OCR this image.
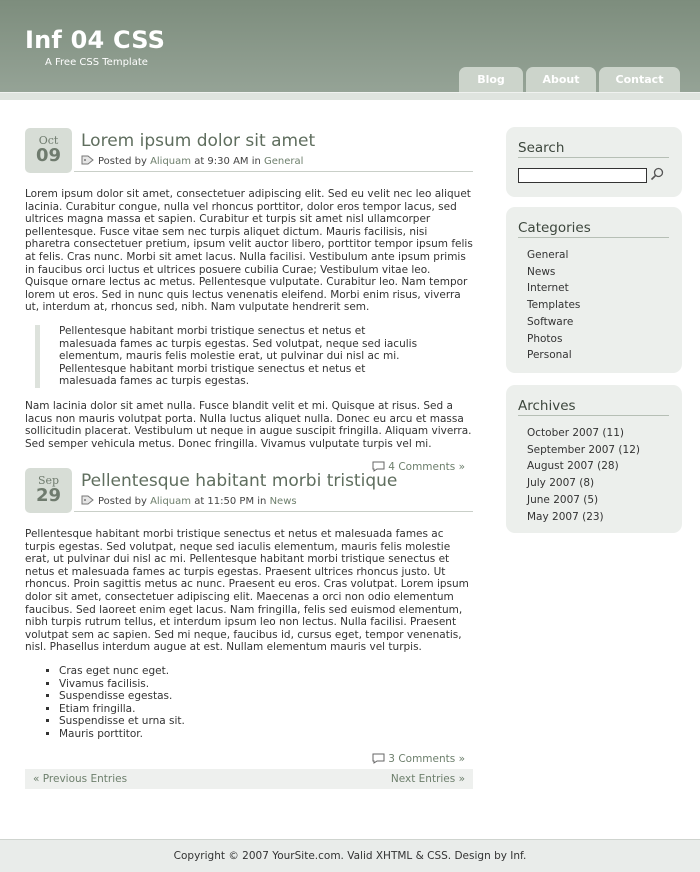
Inf 04 CSS
A Free CSS Template
Blog	About	Contact
Oct
09
Lorem ipsum dolor sit amet
Posted by Aliquam at 9:30 AM in General

Lorem ipsum dolor sit amet, consectetuer adipiscing elit. Sed eu velit nec leo aliquet lacinia. Curabitur congue, nulla vel rhoncus porttitor, dolor eros tempor lacus, sed ultrices magna massa et sapien. Curabitur et turpis sit amet nisl ullamcorper pellentesque. Fusce vitae sem nec turpis aliquet dictum. Mauris facilisis, nisi pharetra consectetuer pretium, ipsum velit auctor libero, porttitor tempor ipsum felis at felis. Cras nunc. Morbi sit amet lacus. Nulla facilisi. Vestibulum ante ipsum primis in faucibus orci luctus et ultrices posuere cubilia Curae; Vestibulum vitae leo. Quisque ornare lectus ac metus. Pellentesque vulputate. Curabitur leo. Nam tempor lorem ut eros. Sed in nunc quis lectus venenatis eleifend. Morbi enim risus, viverra ut, interdum at, rhoncus sed, nibh. Nam vulputate hendrerit sem.

Pellentesque habitant morbi tristique senectus et netus et malesuada fames ac turpis egestas. Sed volutpat, neque sed iaculis elementum, mauris felis molestie erat, ut pulvinar dui nisl ac mi. Pellentesque habitant morbi tristique senectus et netus et malesuada fames ac turpis egestas.

Nam lacinia dolor sit amet nulla. Fusce blandit velit et mi. Quisque at risus. Sed a lacus non mauris volutpat porta. Nulla luctus aliquet nulla. Donec eu arcu et massa sollicitudin placerat. Vestibulum ut neque in augue suscipit fringilla. Aliquam viverra. Sed semper vehicula metus. Donec fringilla. Vivamus vulputate turpis vel mi.

4 Comments »
Sep
29
Pellentesque habitant morbi tristique
Posted by Aliquam at 11:50 PM in News

Pellentesque habitant morbi tristique senectus et netus et malesuada fames ac turpis egestas. Sed volutpat, neque sed iaculis elementum, mauris felis molestie erat, ut pulvinar dui nisl ac mi. Pellentesque habitant morbi tristique senectus et netus et malesuada fames ac turpis egestas. Praesent ultrices rhoncus justo. Ut rhoncus. Proin sagittis metus ac nunc. Praesent eu eros. Cras volutpat. Lorem ipsum dolor sit amet, consectetuer adipiscing elit. Maecenas a orci non odio elementum faucibus. Sed laoreet enim eget lacus. Nam fringilla, felis sed euismod elementum, nibh turpis rutrum tellus, et interdum ipsum leo non lectus. Nulla facilisi. Praesent volutpat sem ac sapien. Sed mi neque, faucibus id, cursus eget, tempor venenatis, nisl. Phasellus interdum augue at est. Nullam elementum mauris vel turpis.

▪ Cras eget nunc eget.
▪ Vivamus facilisis.
▪ Suspendisse egestas.
▪ Etiam fringilla.
▪ Suspendisse et urna sit.
▪ Mauris porttitor.
3 Comments »
« Previous Entries	Next Entries »
Search
Categories
General
News
Internet
Templates
Software
Photos
Personal
Archives
October 2007 (11)
September 2007 (12)
August 2007 (28)
July 2007 (8)
June 2007 (5)
May 2007 (23)
Copyright © 2007 YourSite.com. Valid XHTML & CSS. Design by Inf.
